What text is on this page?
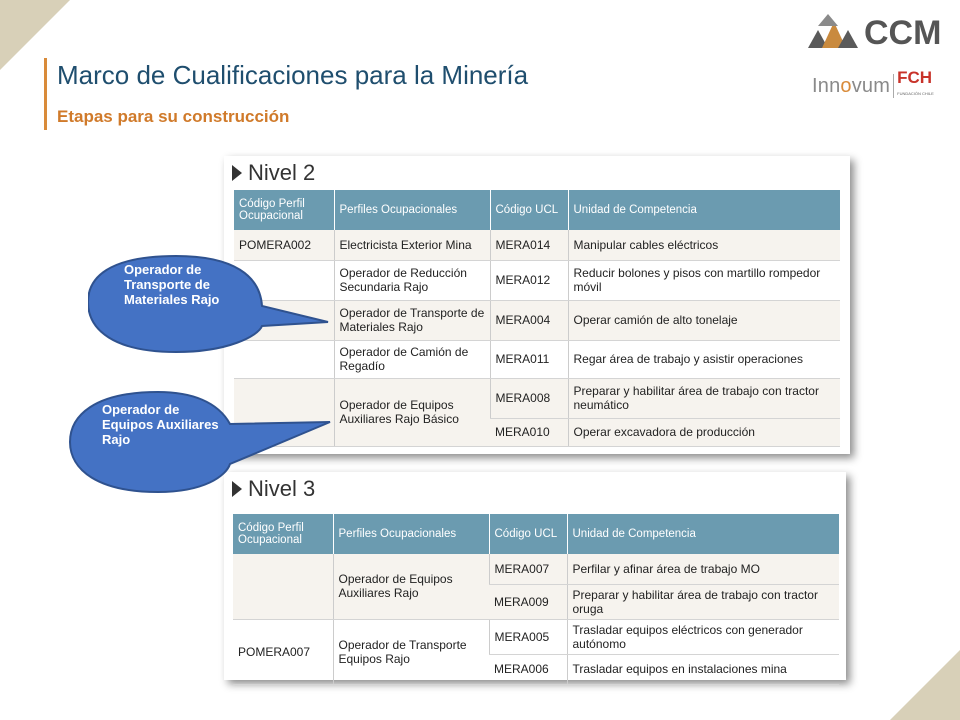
Marco de Cualificaciones para la Minería
Etapas para su construcción
CCM
Innovum FCH
FUNDACIÓN CHILE
Nivel 2
Código Perfil Ocupacional	Perfiles Ocupacionales	Código UCL	Unidad de Competencia
POMERA002	Electricista Exterior Mina	MERA014	Manipular cables eléctricos
	Operador de Reducción Secundaria Rajo	MERA012	Reducir bolones y pisos con martillo rompedor móvil
	Operador de Transporte de Materiales Rajo	MERA004	Operar camión de alto tonelaje
	Operador de Camión de Regadío	MERA011	Regar área de trabajo y asistir operaciones
	Operador de Equipos Auxiliares Rajo Básico	MERA008	Preparar y habilitar área de trabajo con tractor neumático
		MERA010	Operar excavadora de producción
Nivel 3
Código Perfil Ocupacional	Perfiles Ocupacionales	Código UCL	Unidad de Competencia
	Operador de Equipos Auxiliares Rajo	MERA007	Perfilar y afinar área de trabajo MO
		MERA009	Preparar y habilitar área de trabajo con tractor oruga
POMERA007	Operador de Transporte Equipos Rajo	MERA005	Trasladar equipos eléctricos con generador autónomo
		MERA006	Trasladar equipos en instalaciones mina
Operador de Transporte de Materiales Rajo
Operador de Equipos Auxiliares Rajo
